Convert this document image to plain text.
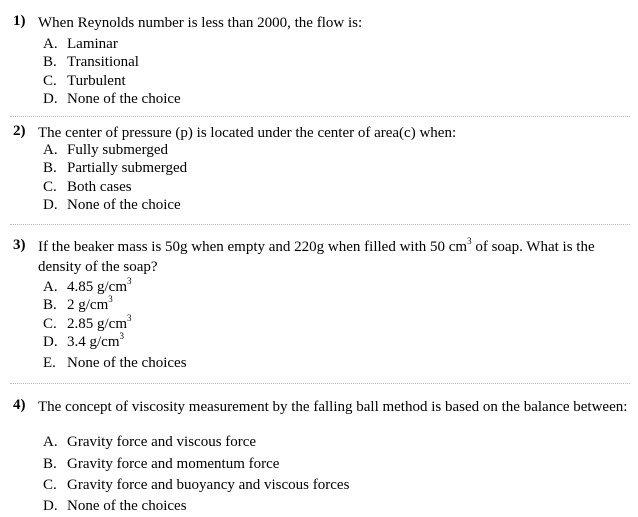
1) When Reynolds number is less than 2000, the flow is:
A. Laminar
B. Transitional
C. Turbulent
D. None of the choice
2) The center of pressure (p) is located under the center of area(c) when:
A. Fully submerged
B. Partially submerged
C. Both cases
D. None of the choice
3) If the beaker mass is 50g when empty and 220g when filled with 50 $cm^3$ of soap. What is the density of the soap?
A. 4.85 $g/cm^3$
B. 2 $g/cm^3$
C. 2.85 $g/cm^3$
D. 3.4 $g/cm^3$
E. None of the choices
4) The concept of viscosity measurement by the falling ball method is based on the balance between:
A. Gravity force and viscous force
B. Gravity force and momentum force
C. Gravity force and buoyancy and viscous forces
D. None of the choices
